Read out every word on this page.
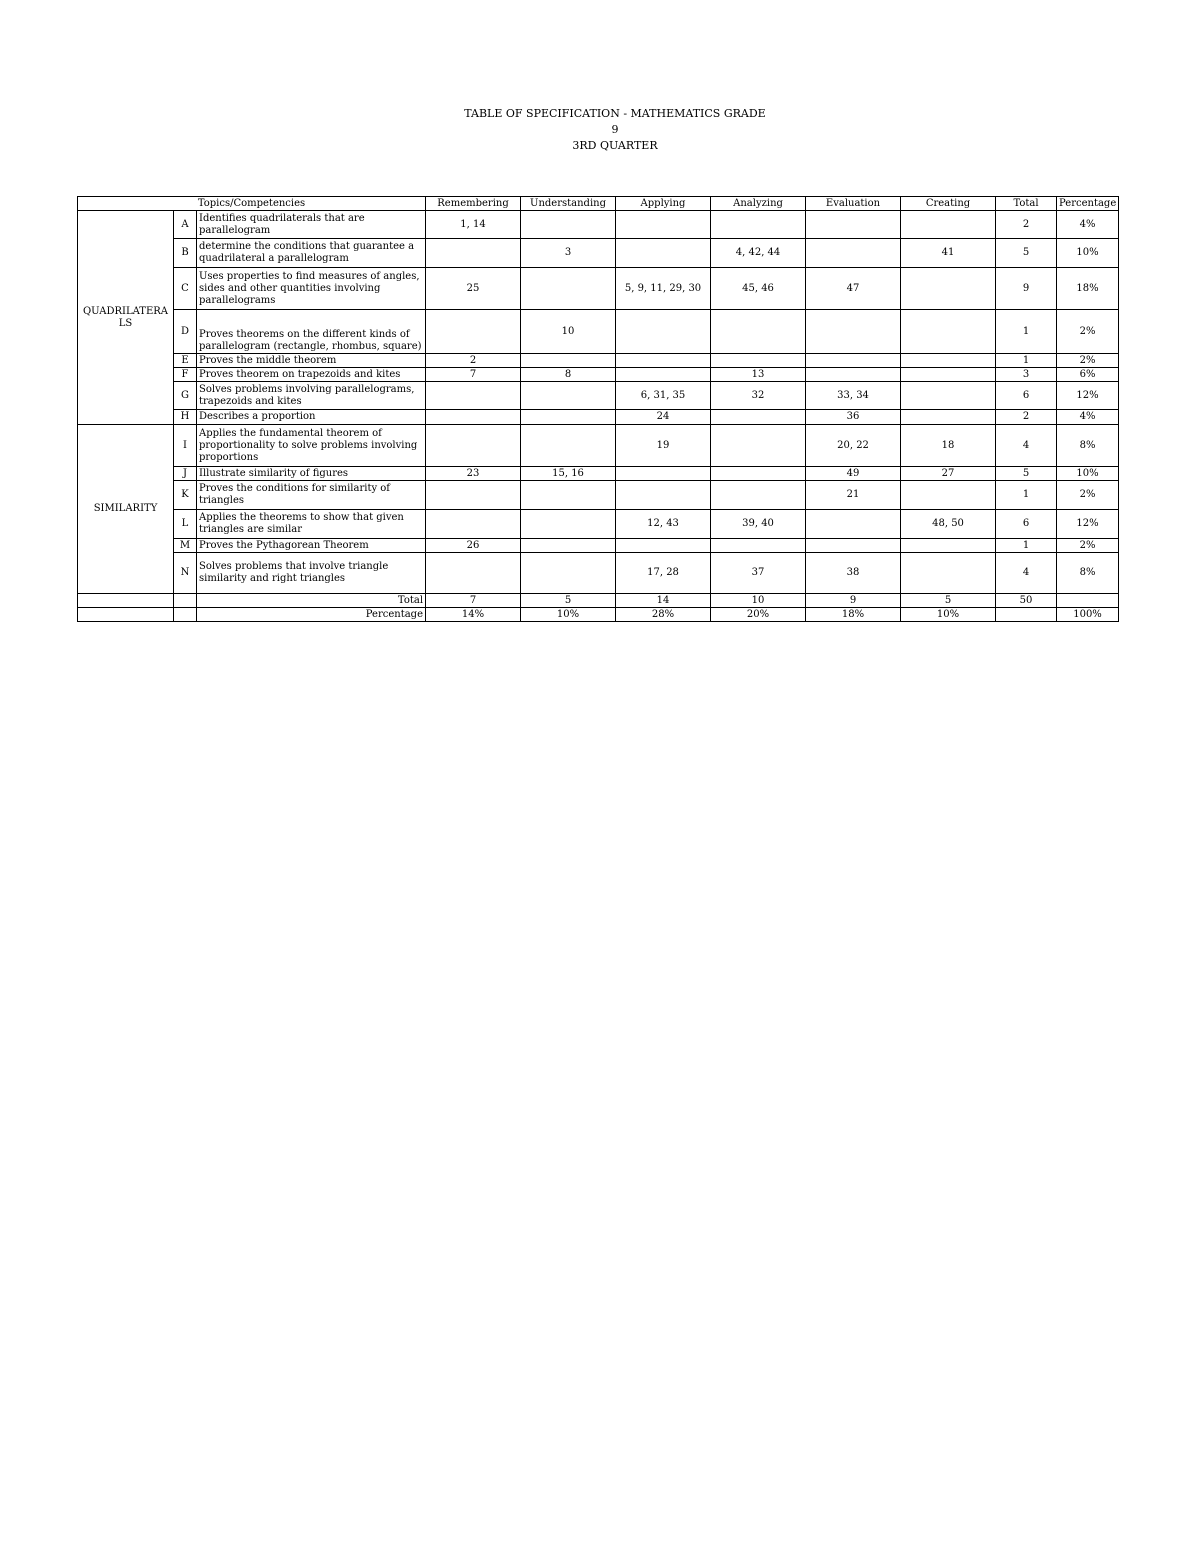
TABLE OF SPECIFICATION - MATHEMATICS GRADE
9
3RD QUARTER
Topics/Competencies			Remembering	Understanding	Applying	Analyzing	Evaluation	Creating	Total	Percentage
QUADRILATERA LS	A	Identifies quadrilaterals that are parallelogram	1, 14						2	4%
	B	determine the conditions that guarantee a quadrilateral a parallelogram		3		4, 42, 44		41	5	10%
	C	Uses properties to find measures of angles, sides and other quantities involving parallelograms	25		5, 9, 11, 29, 30	45, 46	47		9	18%
	D	Proves theorems on the different kinds of parallelogram (rectangle, rhombus, square)		10					1	2%
	E	Proves the middle theorem	2						1	2%
	F	Proves theorem on trapezoids and kites	7	8		13			3	6%
	G	Solves problems involving parallelograms, trapezoids and kites			6, 31, 35	32	33, 34		6	12%
	H	Describes a proportion			24		36		2	4%
SIMILARITY	I	Applies the fundamental theorem of proportionality to solve problems involving proportions			19		20, 22	18	4	8%
	J	Illustrate similarity of figures	23	15, 16			49	27	5	10%
	K	Proves the conditions for similarity of triangles					21		1	2%
	L	Applies the theorems to show that given triangles are similar			12, 43	39, 40		48, 50	6	12%
	M	Proves the Pythagorean Theorem	26						1	2%
	N	Solves problems that involve triangle similarity and right triangles			17, 28	37	38		4	8%
		Total	7	5	14	10	9	5	50	
		Percentage	14%	10%	28%	20%	18%	10%		100%
